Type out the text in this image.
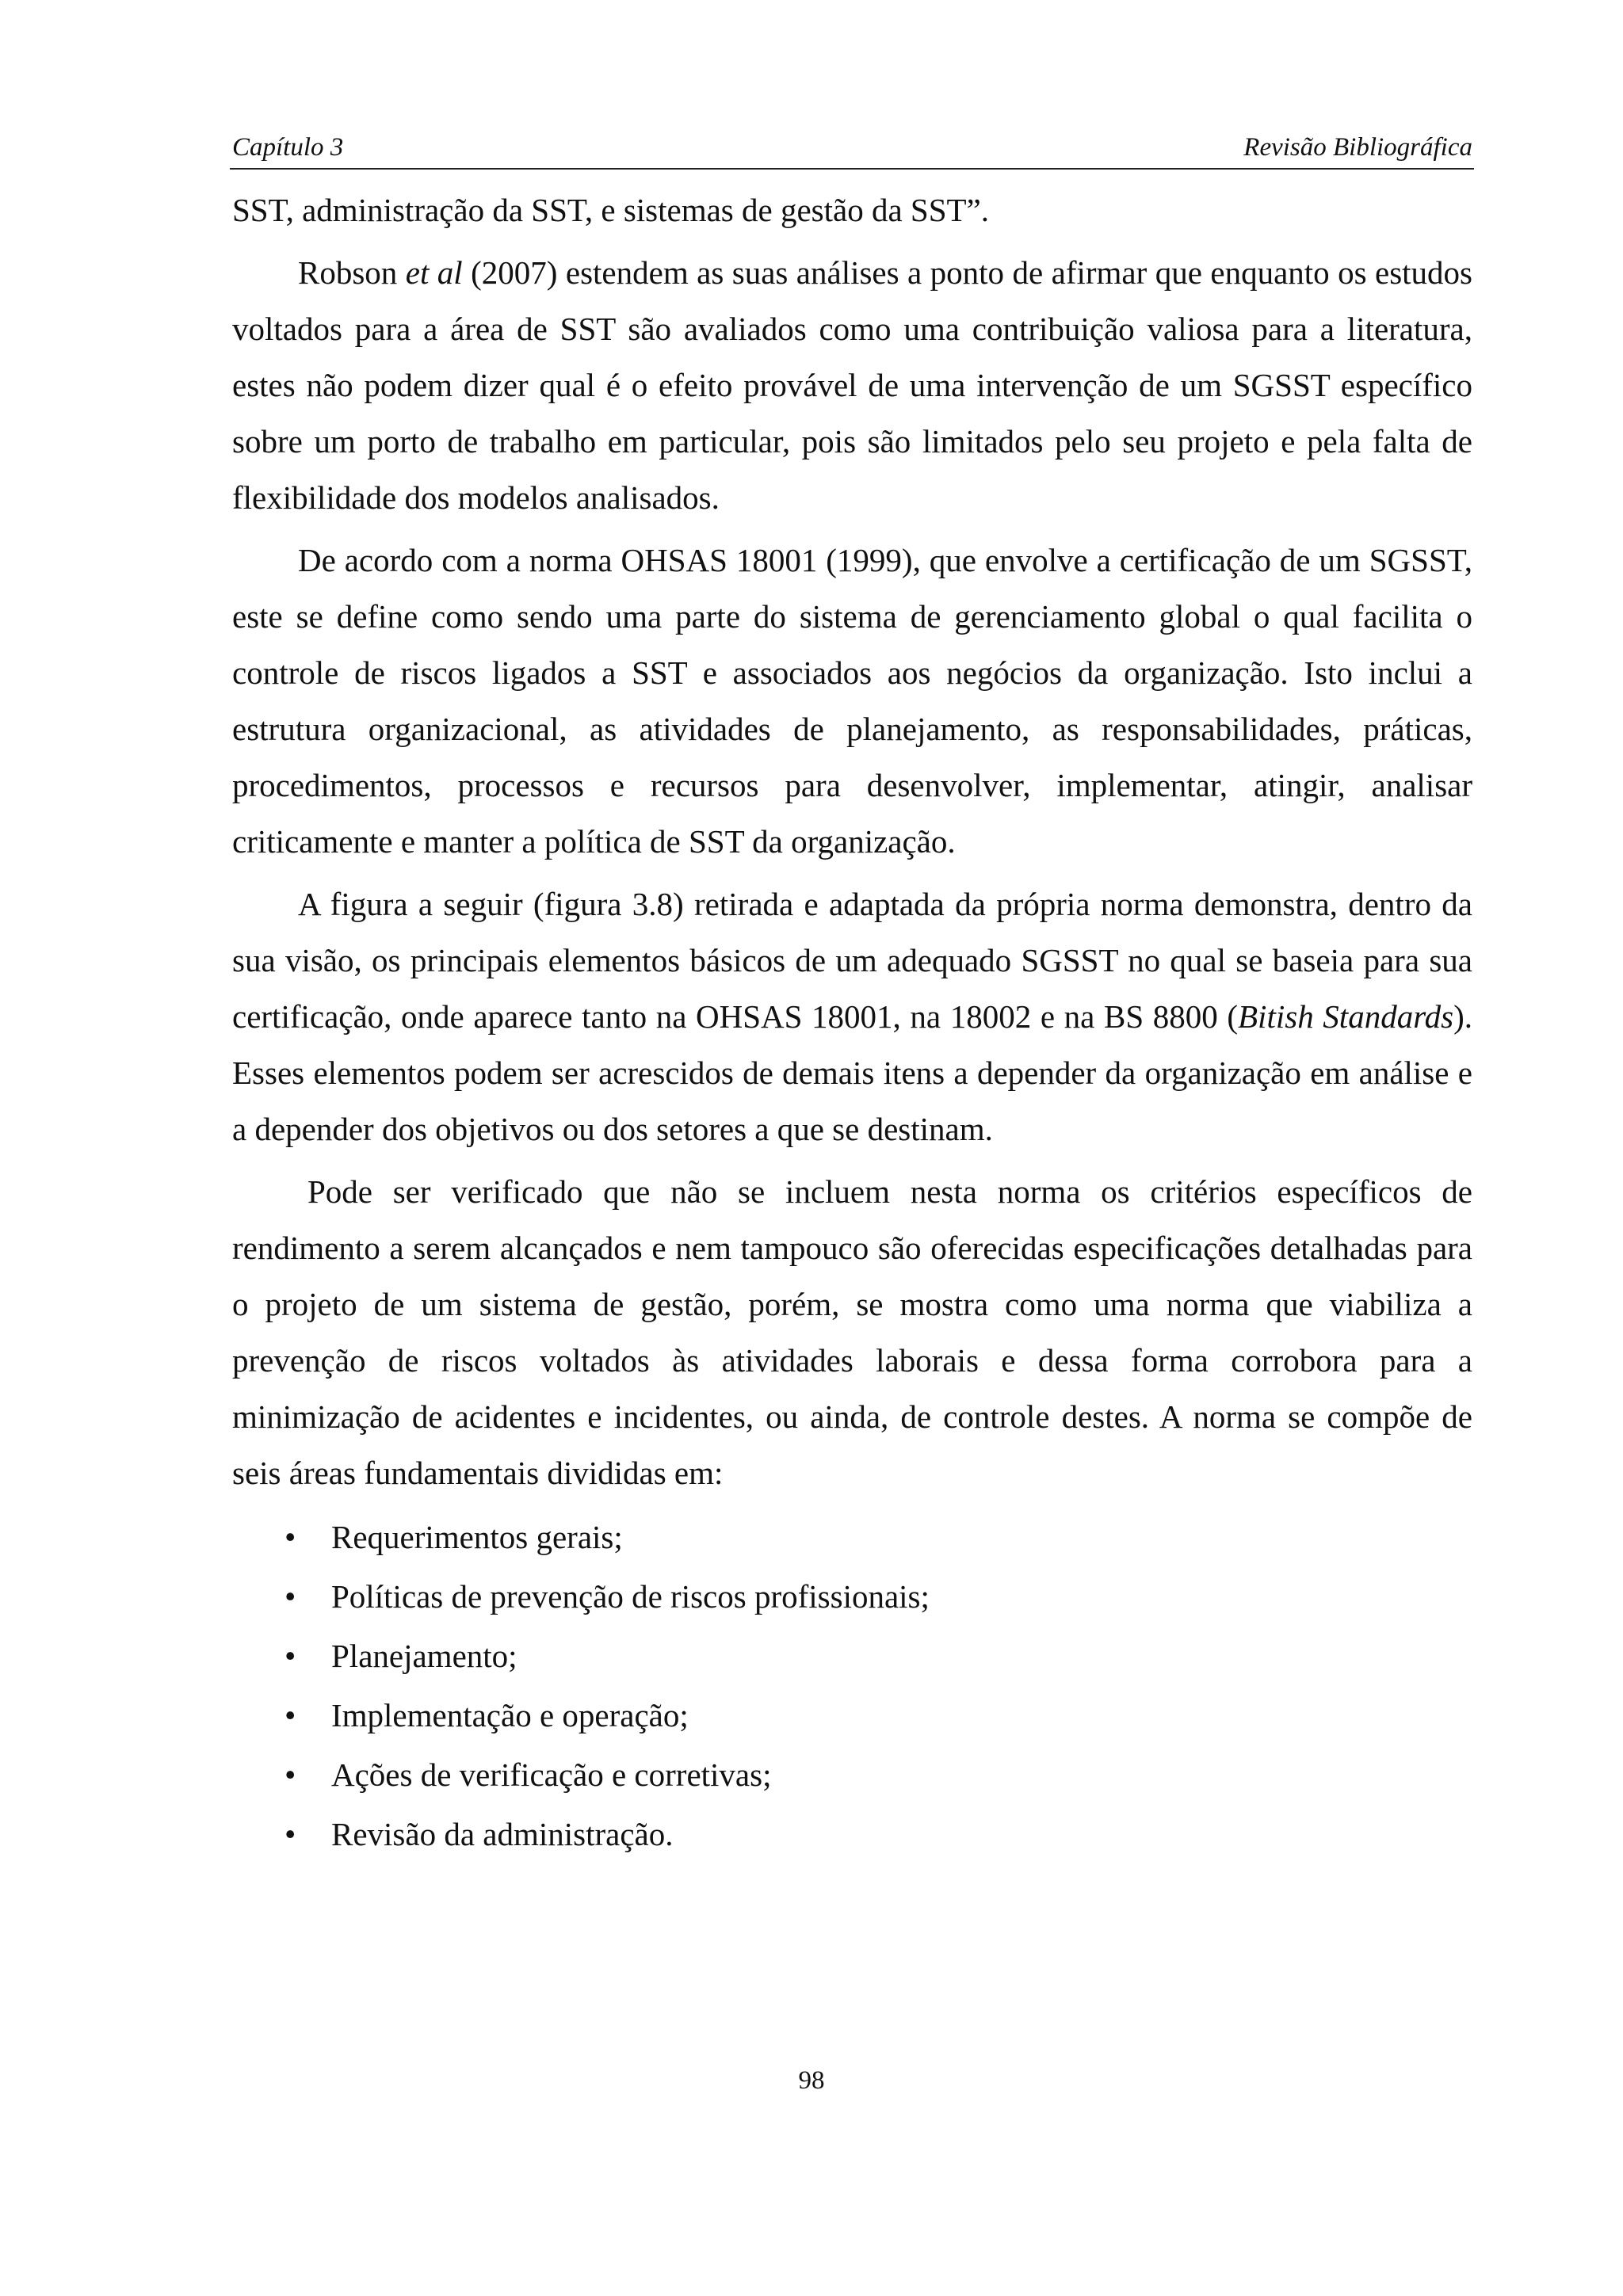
Capítulo 3	Revisão Bibliográfica

SST, administração da SST, e sistemas de gestão da SST”.

Robson et al (2007) estendem as suas análises a ponto de afirmar que enquanto os estudos voltados para a área de SST são avaliados como uma contribuição valiosa para a literatura, estes não podem dizer qual é o efeito provável de uma intervenção de um SGSST específico sobre um porto de trabalho em particular, pois são limitados pelo seu projeto e pela falta de flexibilidade dos modelos analisados.

De acordo com a norma OHSAS 18001 (1999), que envolve a certificação de um SGSST, este se define como sendo uma parte do sistema de gerenciamento global o qual facilita o controle de riscos ligados a SST e associados aos negócios da organização. Isto inclui a estrutura organizacional, as atividades de planejamento, as responsabilidades, práticas, procedimentos, processos e recursos para desenvolver, implementar, atingir, analisar criticamente e manter a política de SST da organização.

A figura a seguir (figura 3.8) retirada e adaptada da própria norma demonstra, dentro da sua visão, os principais elementos básicos de um adequado SGSST no qual se baseia para sua certificação, onde aparece tanto na OHSAS 18001, na 18002 e na BS 8800 (Bitish Standards). Esses elementos podem ser acrescidos de demais itens a depender da organização em análise e a depender dos objetivos ou dos setores a que se destinam.

Pode ser verificado que não se incluem nesta norma os critérios específicos de rendimento a serem alcançados e nem tampouco são oferecidas especificações detalhadas para o projeto de um sistema de gestão, porém, se mostra como uma norma que viabiliza a prevenção de riscos voltados às atividades laborais e dessa forma corrobora para a minimização de acidentes e incidentes, ou ainda, de controle destes. A norma se compõe de seis áreas fundamentais divididas em:

• Requerimentos gerais;
• Políticas de prevenção de riscos profissionais;
• Planejamento;
• Implementação e operação;
• Ações de verificação e corretivas;
• Revisão da administração.
98
